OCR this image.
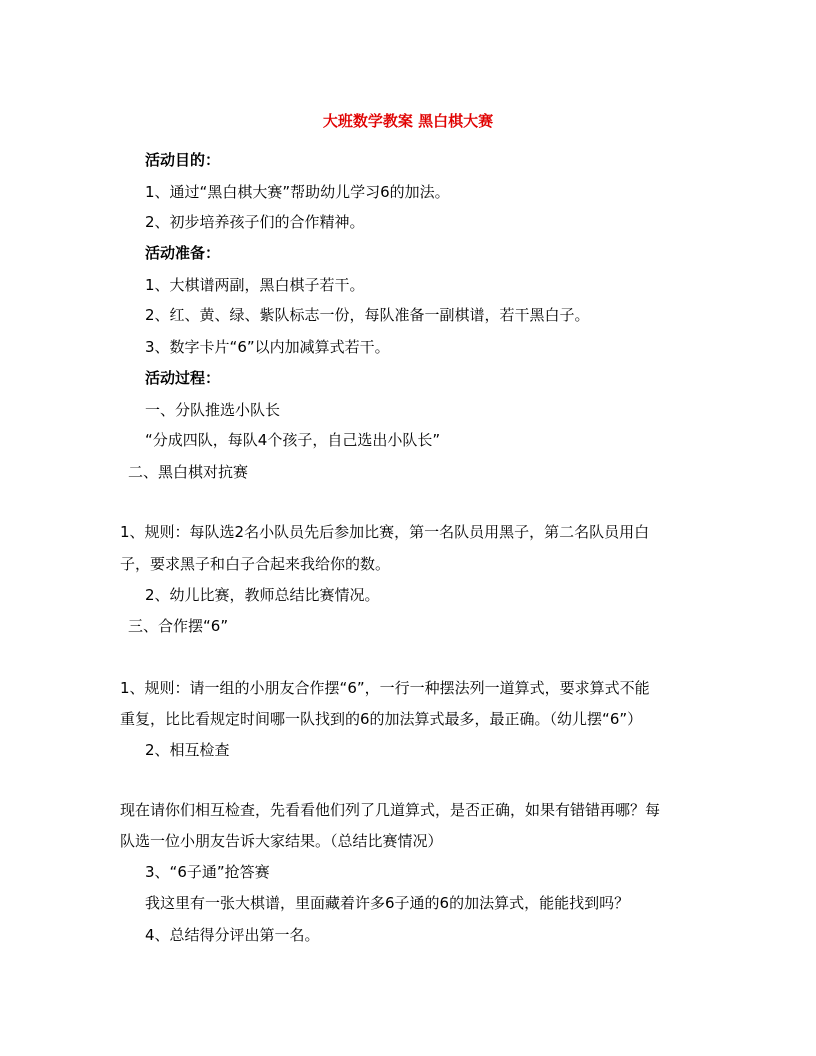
大班数学教案 黑白棋大赛
活动目的：
1、通过“黑白棋大赛”帮助幼儿学习6的加法。
2、初步培养孩子们的合作精神。
活动准备：
1、大棋谱两副，黑白棋子若干。
2、红、黄、绿、紫队标志一份，每队准备一副棋谱，若干黑白子。
3、数字卡片“6”以内加减算式若干。
活动过程：
一、分队推选小队长
“分成四队，每队4个孩子，自己选出小队长”
二、黑白棋对抗赛
1、规则：每队选2名小队员先后参加比赛，第一名队员用黑子，第二名队员用白
子，要求黑子和白子合起来我给你的数。
2、幼儿比赛，教师总结比赛情况。
三、合作摆“6”
1、规则：请一组的小朋友合作摆“6”，一行一种摆法列一道算式，要求算式不能
重复，比比看规定时间哪一队找到的6的加法算式最多，最正确。（幼儿摆“6”）
2、相互检查
现在请你们相互检查，先看看他们列了几道算式，是否正确，如果有错错再哪？每
队选一位小朋友告诉大家结果。（总结比赛情况）
3、“6子通”抢答赛
我这里有一张大棋谱，里面藏着许多6子通的6的加法算式，能能找到吗？
4、总结得分评出第一名。
